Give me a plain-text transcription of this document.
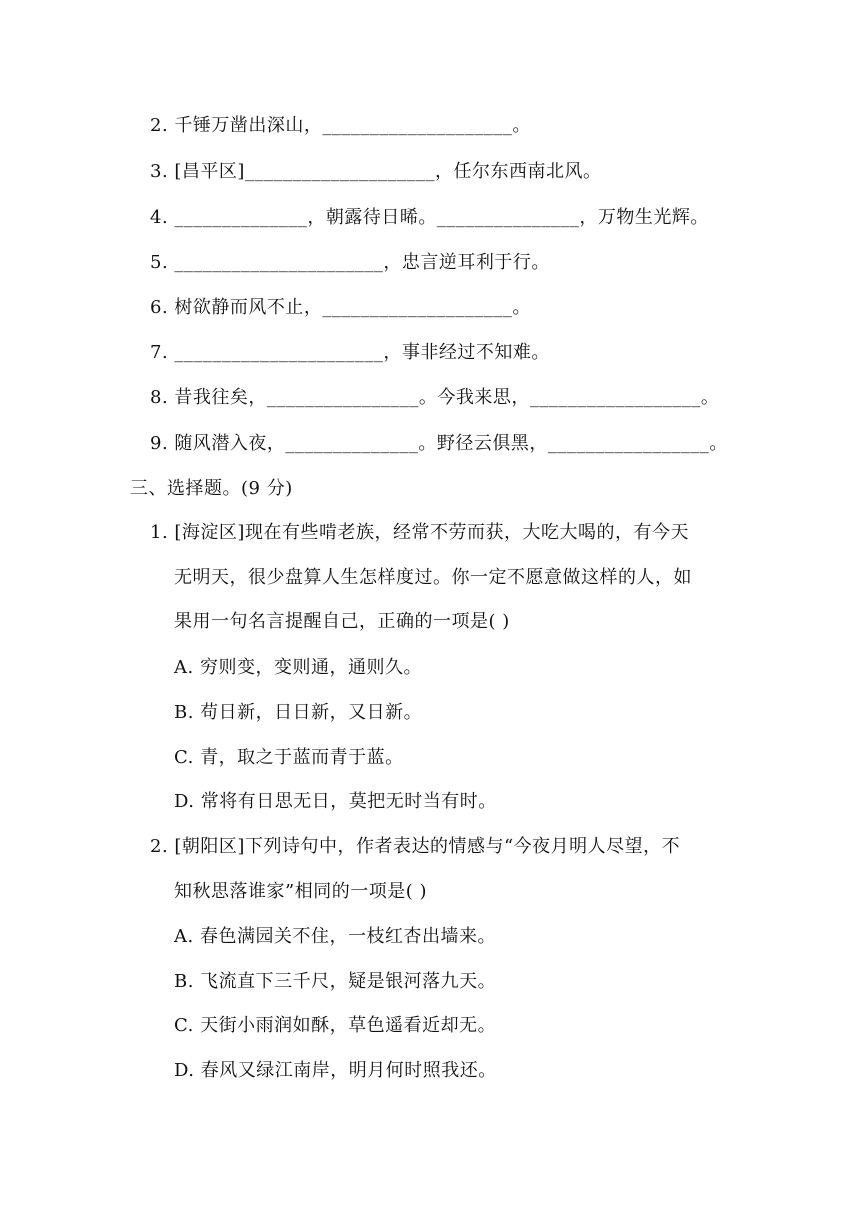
2. 千锤万凿出深山，____________________。
3. [昌平区]____________________，任尔东西南北风。
4. ______________，朝露待日晞。_______________，万物生光辉。
5. ______________________，忠言逆耳利于行。
6. 树欲静而风不止，____________________。
7. ______________________，事非经过不知难。
8. 昔我往矣，________________。今我来思，__________________。
9. 随风潜入夜，______________。野径云俱黑，_________________。
三、选择题。(9 分)
1. [海淀区]现在有些啃老族，经常不劳而获，大吃大喝的，有今天
无明天，很少盘算人生怎样度过。你一定不愿意做这样的人，如
果用一句名言提醒自己，正确的一项是( )
A. 穷则变，变则通，通则久。
B. 苟日新，日日新，又日新。
C. 青，取之于蓝而青于蓝。
D. 常将有日思无日，莫把无时当有时。
2. [朝阳区]下列诗句中，作者表达的情感与“今夜月明人尽望，不
知秋思落谁家”相同的一项是( )
A. 春色满园关不住，一枝红杏出墙来。
B. 飞流直下三千尺，疑是银河落九天。
C. 天街小雨润如酥，草色遥看近却无。
D. 春风又绿江南岸，明月何时照我还。
